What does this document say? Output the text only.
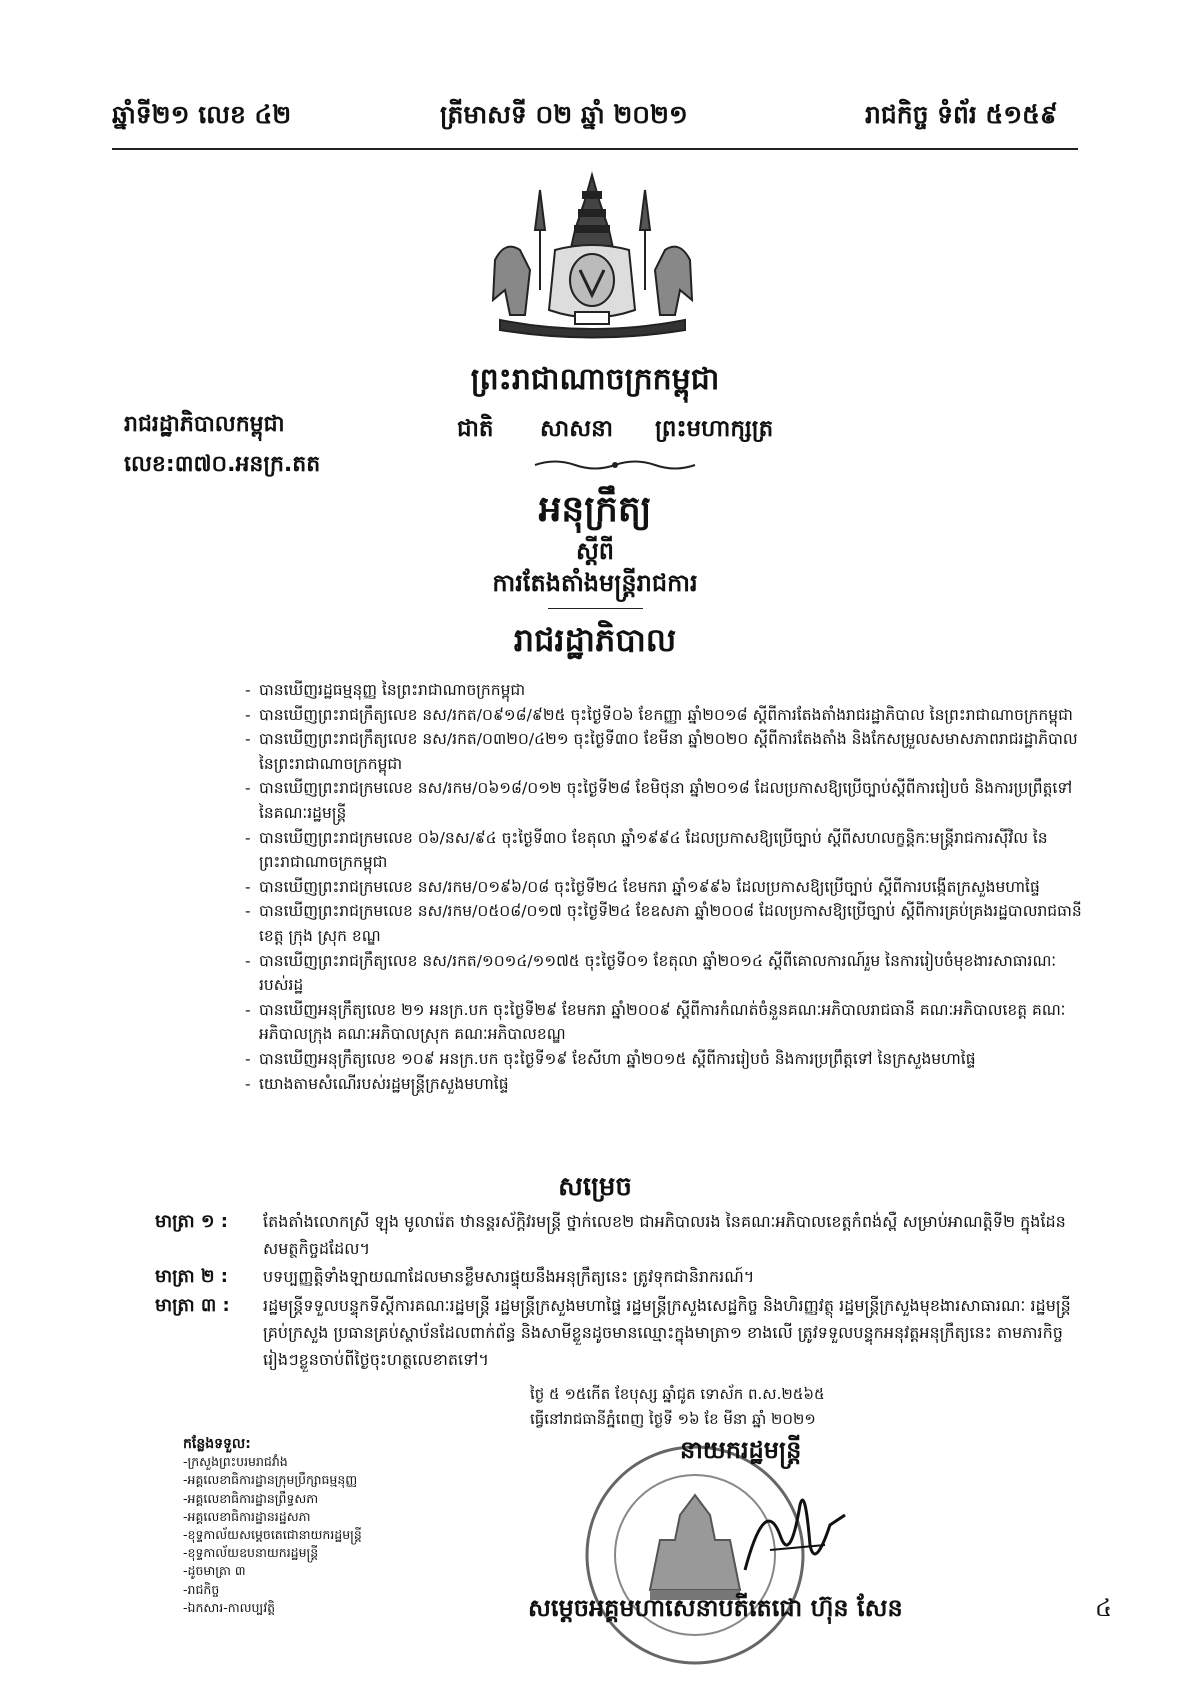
ឆ្នាំទី២១ លេខ ៤២	ត្រីមាសទី ០២ ឆ្នាំ ២០២១	រាជកិច្ច ទំព័រ ៥១៥៩
ព្រះរាជាណាចក្រកម្ពុជា
ជាតិ សាសនា ព្រះមហាក្សត្រ
រាជរដ្ឋាភិបាលកម្ពុជា
លេខ:៣៧០.អនក្រ.តត
អនុក្រឹត្យ
ស្តីពី
ការតែងតាំងមន្ត្រីរាជការ
រាជរដ្ឋាភិបាល
- បានឃើញរដ្ឋធម្មនុញ្ញ នៃព្រះរាជាណាចក្រកម្ពុជា
- បានឃើញព្រះរាជក្រឹត្យលេខ នស/រកត/០៩១៨/៩២៥ ចុះថ្ងៃទី០៦ ខែកញ្ញា ឆ្នាំ២០១៨ ស្តីពីការតែងតាំងរាជរដ្ឋាភិបាល នៃព្រះរាជាណាចក្រកម្ពុជា
- បានឃើញព្រះរាជក្រឹត្យលេខ នស/រកត/០៣២០/៤២១ ចុះថ្ងៃទី៣០ ខែមីនា ឆ្នាំ២០២០ ស្តីពីការតែងតាំង និងកែសម្រួលសមាសភាពរាជរដ្ឋាភិបាល នៃព្រះរាជាណាចក្រកម្ពុជា
- បានឃើញព្រះរាជក្រមលេខ នស/រកម/០៦១៨/០១២ ចុះថ្ងៃទី២៨ ខែមិថុនា ឆ្នាំ២០១៨ ដែលប្រកាសឱ្យប្រើច្បាប់ស្តីពីការរៀបចំ និងការប្រព្រឹត្តទៅ នៃគណៈរដ្ឋមន្ត្រី
- បានឃើញព្រះរាជក្រមលេខ ០៦/នស/៩៤ ចុះថ្ងៃទី៣០ ខែតុលា ឆ្នាំ១៩៩៤ ដែលប្រកាសឱ្យប្រើច្បាប់ ស្តីពីសហលក្ខន្តិកៈមន្ត្រីរាជការស៊ីវិល នៃព្រះរាជាណាចក្រកម្ពុជា
- បានឃើញព្រះរាជក្រមលេខ នស/រកម/០១៩៦/០៨ ចុះថ្ងៃទី២៤ ខែមករា ឆ្នាំ១៩៩៦ ដែលប្រកាសឱ្យប្រើច្បាប់ ស្តីពីការបង្កើតក្រសួងមហាផ្ទៃ
- បានឃើញព្រះរាជក្រមលេខ នស/រកម/០៥០៨/០១៧ ចុះថ្ងៃទី២៤ ខែឧសភា ឆ្នាំ២០០៨ ដែលប្រកាសឱ្យប្រើច្បាប់ ស្តីពីការគ្រប់គ្រងរដ្ឋបាលរាជធានី ខេត្ត ក្រុង ស្រុក ខណ្ឌ
- បានឃើញព្រះរាជក្រឹត្យលេខ នស/រកត/១០១៤/១១៧៥ ចុះថ្ងៃទី០១ ខែតុលា ឆ្នាំ២០១៤ ស្តីពីគោលការណ៍រួម នៃការរៀបចំមុខងារសាធារណៈរបស់រដ្ឋ
- បានឃើញអនុក្រឹត្យលេខ ២១ អនក្រ.បក ចុះថ្ងៃទី២៩ ខែមករា ឆ្នាំ២០០៩ ស្តីពីការកំណត់ចំនួនគណៈអភិបាលរាជធានី គណៈអភិបាលខេត្ត គណៈអភិបាលក្រុង គណៈអភិបាលស្រុក គណៈអភិបាលខណ្ឌ
- បានឃើញអនុក្រឹត្យលេខ ១០៩ អនក្រ.បក ចុះថ្ងៃទី១៩ ខែសីហា ឆ្នាំ២០១៥ ស្តីពីការរៀបចំ និងការប្រព្រឹត្តទៅ នៃក្រសួងមហាផ្ទៃ
- យោងតាមសំណើរបស់រដ្ឋមន្ត្រីក្រសួងមហាផ្ទៃ
សម្រេច
មាត្រា ១ :	តែងតាំងលោកស្រី ឡុង មូលារ៉េត ឋានន្តរស័ក្តិវរមន្ត្រី ថ្នាក់លេខ២ ជាអភិបាលរង នៃគណៈអភិបាលខេត្តកំពង់ស្ពឺ សម្រាប់អាណត្តិទី២ ក្នុងដែនសមត្ថកិច្ចដដែល។
មាត្រា ២ :	បទប្បញ្ញត្តិទាំងឡាយណាដែលមានខ្លឹមសារផ្ទុយនឹងអនុក្រឹត្យនេះ ត្រូវទុកជានិរាករណ៍។
មាត្រា ៣ :	រដ្ឋមន្ត្រីទទួលបន្ទុកទីស្តីការគណៈរដ្ឋមន្ត្រី រដ្ឋមន្ត្រីក្រសួងមហាផ្ទៃ រដ្ឋមន្ត្រីក្រសួងសេដ្ឋកិច្ច និងហិរញ្ញវត្ថុ រដ្ឋមន្ត្រីក្រសួងមុខងារសាធារណៈ រដ្ឋមន្ត្រីគ្រប់ក្រសួង ប្រធានគ្រប់ស្ថាប័នដែលពាក់ព័ន្ធ និងសាមីខ្លួនដូចមានឈ្មោះក្នុងមាត្រា១ ខាងលើ ត្រូវទទួលបន្ទុកអនុវត្តអនុក្រឹត្យនេះ តាមភារកិច្ចរៀងៗខ្លួនចាប់ពីថ្ងៃចុះហត្ថលេខាតទៅ។
ថ្ងៃ ៥ ១៥កើត ខែបុស្ស ឆ្នាំជូត ទោស័ក ព.ស.២៥៦៥
ធ្វើនៅរាជធានីភ្នំពេញ ថ្ងៃទី ១៦ ខែ មីនា ឆ្នាំ ២០២១
នាយករដ្ឋមន្ត្រី
កន្លែងទទួល:
-ក្រសួងព្រះបរមរាជវាំង
-អគ្គលេខាធិការដ្ឋានក្រុមប្រឹក្សាធម្មនុញ្ញ
-អគ្គលេខាធិការដ្ឋានព្រឹទ្ធសភា
-អគ្គលេខាធិការដ្ឋានរដ្ឋសភា
-ខុទ្ទកាល័យសម្តេចតេជោនាយករដ្ឋមន្ត្រី
-ខុទ្ទកាល័យឧបនាយករដ្ឋមន្ត្រី
-ដូចមាត្រា ៣
-រាជកិច្ច
-ឯកសារ-កាលប្បវត្តិ	សម្តេចអគ្គមហាសេនាបតីតេជោ ហ៊ុន សែន	៤
